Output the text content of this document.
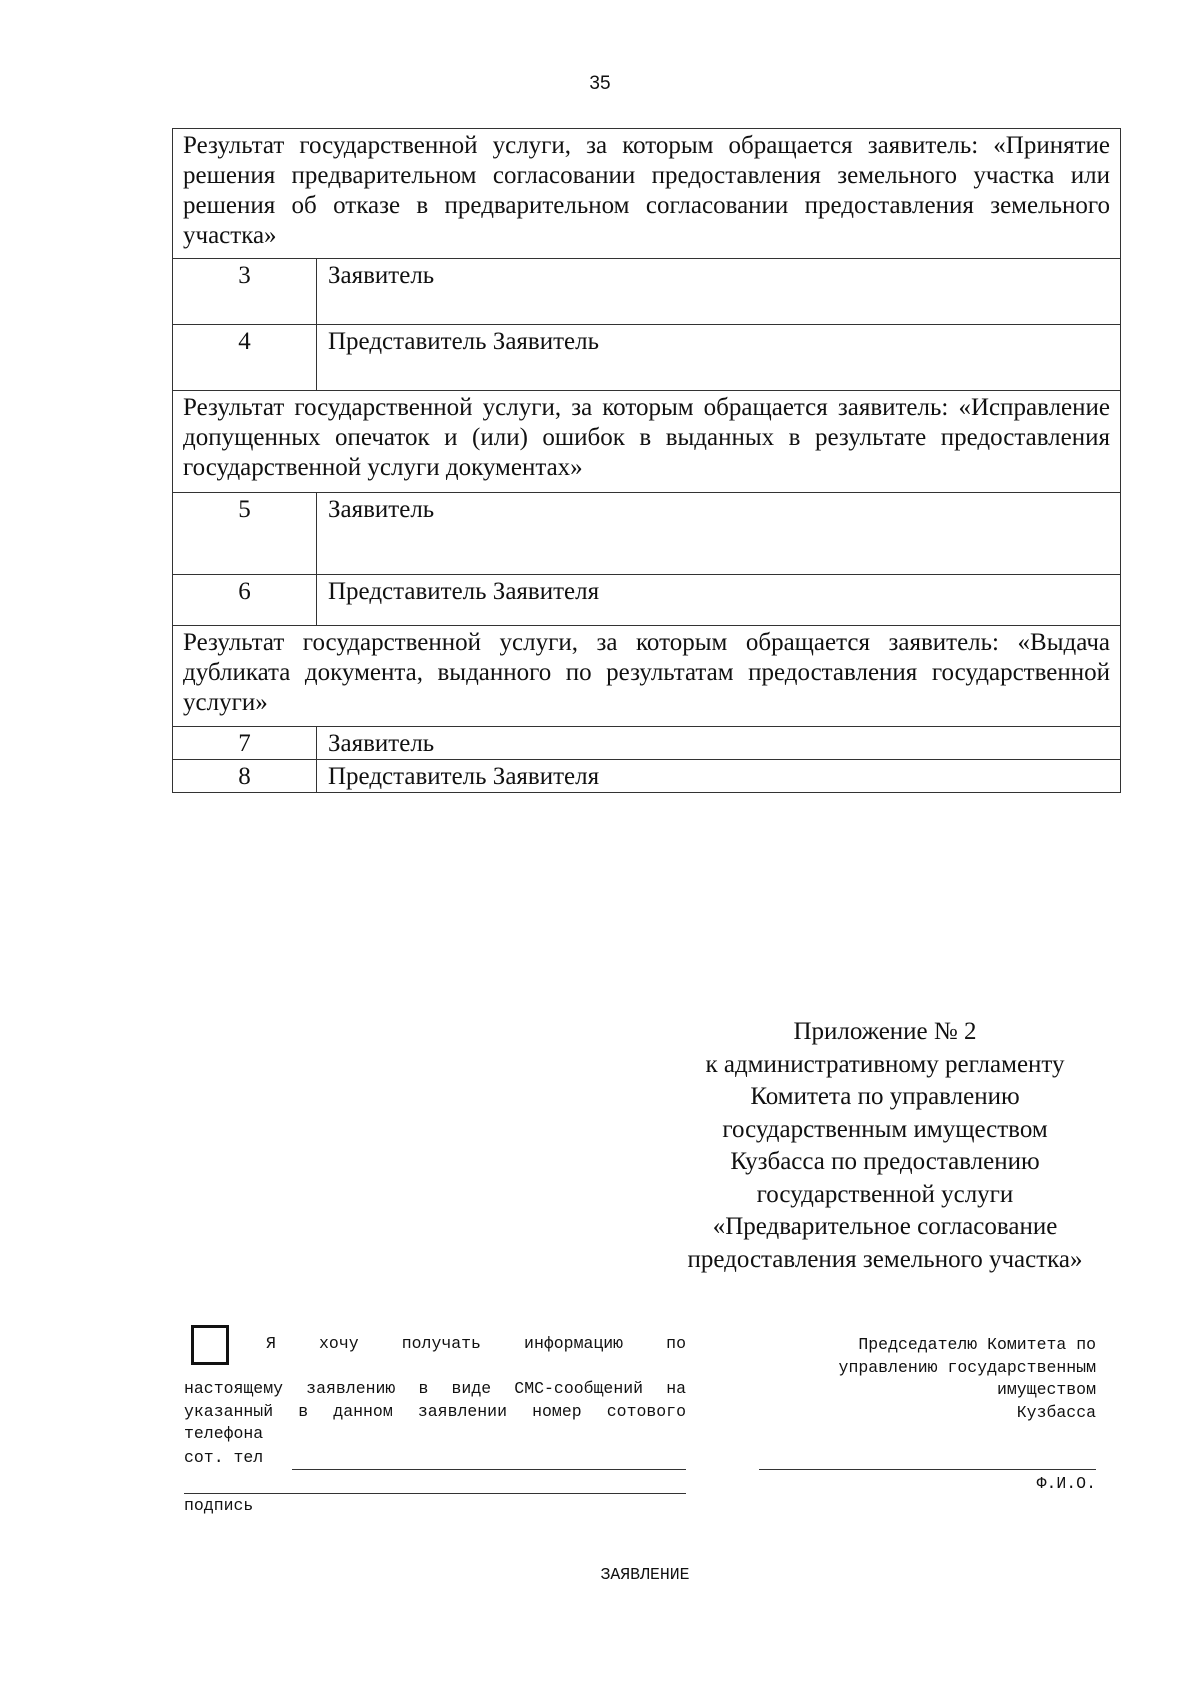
35
Результат государственной услуги, за которым обращается заявитель: «Принятие решения предварительном согласовании предоставления земельного участка или решения об отказе в предварительном согласовании предоставления земельного участка»	
3	Заявитель
4	Представитель Заявитель
Результат государственной услуги, за которым обращается заявитель: «Исправление допущенных опечаток и (или) ошибок в выданных в результате предоставления государственной услуги документах»	
5	Заявитель
6	Представитель Заявителя
Результат государственной услуги, за которым обращается заявитель: «Выдача дубликата документа, выданного по результатам предоставления государственной услуги»	
7	Заявитель
8	Представитель Заявителя
Приложение № 2
к административному регламенту
Комитета по управлению
государственным имуществом
Кузбасса по предоставлению
государственной услуги
«Предварительное согласование
предоставления земельного участка»
Я хочу получать информацию по
настоящему заявлению в виде СМС-сообщений на указанный в данном заявлении номер сотового телефона
сот. тел
подпись
Председателю Комитета по
управлению государственным
имуществом
Кузбасса
Ф.И.О.
ЗАЯВЛЕНИЕ
